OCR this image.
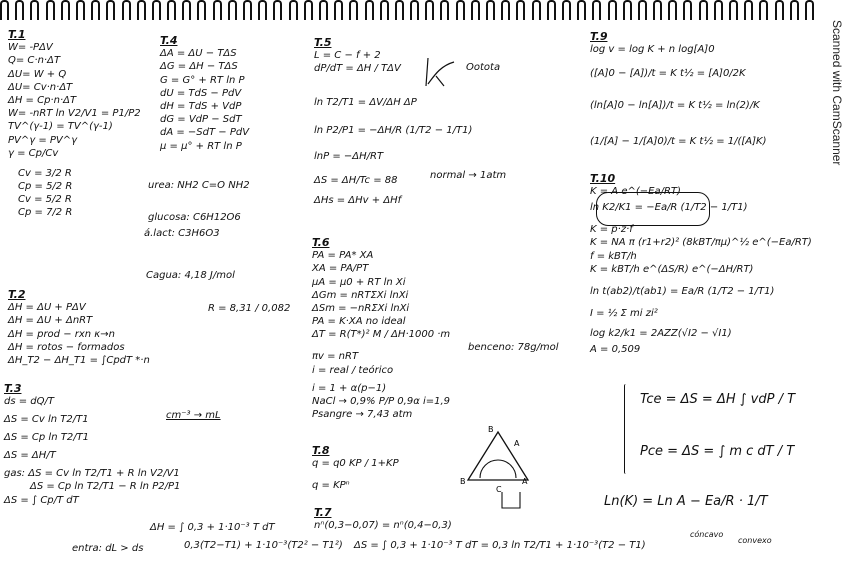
Scanned with CamScanner
T.1
W= -PΔV
Q= C·n·ΔT
ΔU= W + Q
ΔU= Cv·n·ΔT
ΔH = Cp·n·ΔT
W= -nRT ln V2/V1 = P1/P2
TV^(γ-1) = TV^(γ-1)
PV^γ = PV^γ
γ = Cp/Cv
Cv = 3/2 R
Cp = 5/2 R
Cv = 5/2 R
Cp = 7/2 R
T.2
ΔH = ΔU + PΔV
ΔH = ΔU + ΔnRT
ΔH = prod − rxn κ→n
ΔH = rotos − formados
ΔH_T2 − ΔH_T1 = ∫CpdT *·n
T.3
ds = dQ/T
ΔS = Cv ln T2/T1
ΔS = Cp ln T2/T1
ΔS = ΔH/T
gas: ΔS = Cv ln T2/T1 + R ln V2/V1
ΔS = Cp ln T2/T1 − R ln P2/P1
ΔS = ∫ Cp/T dT
T.4
ΔA = ΔU − TΔS
ΔG = ΔH − TΔS
G = G° + RT ln P
dU = TdS − PdV
dH = TdS + VdP
dG = VdP − SdT
dA = −SdT − PdV
μ = μ° + RT ln P
urea: NH2 C=O NH2
glucosa: C6H12O6
á.lact: C3H6O3
Cagua: 4,18 J/mol
R = 8,31 / 0,082
cm⁻³ → mL
T.5
L = C − f + 2
dP/dT = ΔH / TΔV
ln T2/T1 = ΔV/ΔH ΔP
ln P2/P1 = −ΔH/R (1/T2 − 1/T1)
lnP = −ΔH/RT
ΔS = ΔH/Tc = 88
ΔHs = ΔHv + ΔHf
Ootota
normal → 1atm
T.6
PA = PA* XA
XA = PA/PT
μA = μ0 + RT ln Xi
ΔGm = nRTΣXi lnXi
ΔSm = −nRΣXi lnXi
PA = K·XA no ideal
ΔT = R(T*)² M / ΔH·1000 ·m
πv = nRT
i = real / teórico
i = 1 + α(p−1)
NaCl → 0,9% P/P 0,9α i=1,9
Psangre → 7,43 atm
benceno: 78g/mol
T.8
q = q0 KP / 1+KP
q = KPⁿ
B
A
C
B	A
T.7
nⁿ(0,3−0,07) = nⁿ(0,4−0,3)
ΔH = ∫ 0,3 + 1·10⁻³ T dT
0,3(T2−T1) + 1·10⁻³(T2² − T1²)
entra: dL > ds	ΔS = ∫ 0,3 + 1·10⁻³ T dT = 0,3 ln T2/T1 + 1·10⁻³(T2 − T1)
T.9
log v = log K + n log[A]0
([A]0 − [A])/t = K t½ = [A]0/2K
(ln[A]0 − ln[A])/t = K t½ = ln(2)/K
(1/[A] − 1/[A]0)/t = K t½ = 1/([A]K)
T.10
K = A e^(−Ea/RT)
ln K2/K1 = −Ea/R (1/T2 − 1/T1)
K = p·z·f
K = NA π (r1+r2)² (8kBT/πμ)^½ e^(−Ea/RT)
f = kBT/h
K = kBT/h e^(ΔS/R) e^(−ΔH/RT)
ln t(ab2)/t(ab1) = Ea/R (1/T2 − 1/T1)
I = ½ Σ mi zi²
log k2/k1 = 2AZZ(√I2 − √I1)
A = 0,509
Tce = ΔS = ΔH ∫ vdP / T
Pce = ΔS = ∫ m c dT / T
Ln(K) = Ln A − Ea/R · 1/T
cóncavo
convexo
